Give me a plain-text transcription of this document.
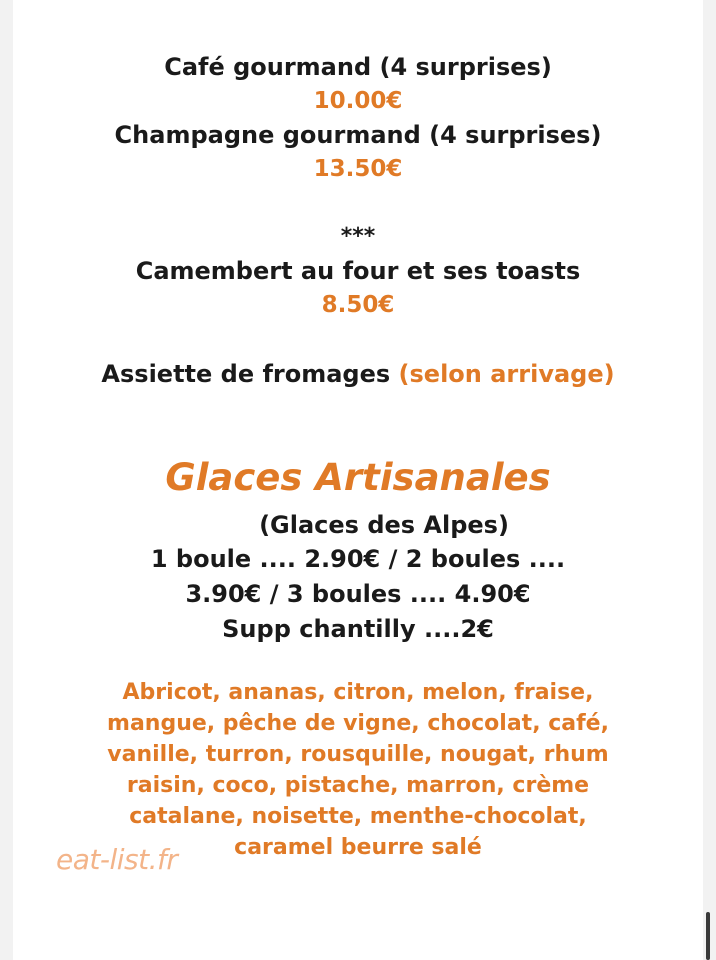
Café gourmand (4 surprises)
10.00€
Champagne gourmand (4 surprises)
13.50€
***
Camembert au four et ses toasts
8.50€
Assiette de fromages (selon arrivage)
Glaces Artisanales
(Glaces des Alpes)
1 boule .... 2.90€ / 2 boules ....
3.90€ / 3 boules .... 4.90€
Supp chantilly ....2€
Abricot, ananas, citron, melon, fraise,
mangue, pêche de vigne, chocolat, café,
vanille, turron, rousquille, nougat, rhum
raisin, coco, pistache, marron, crème
catalane, noisette, menthe-chocolat,
caramel beurre salé
eat-list.fr
